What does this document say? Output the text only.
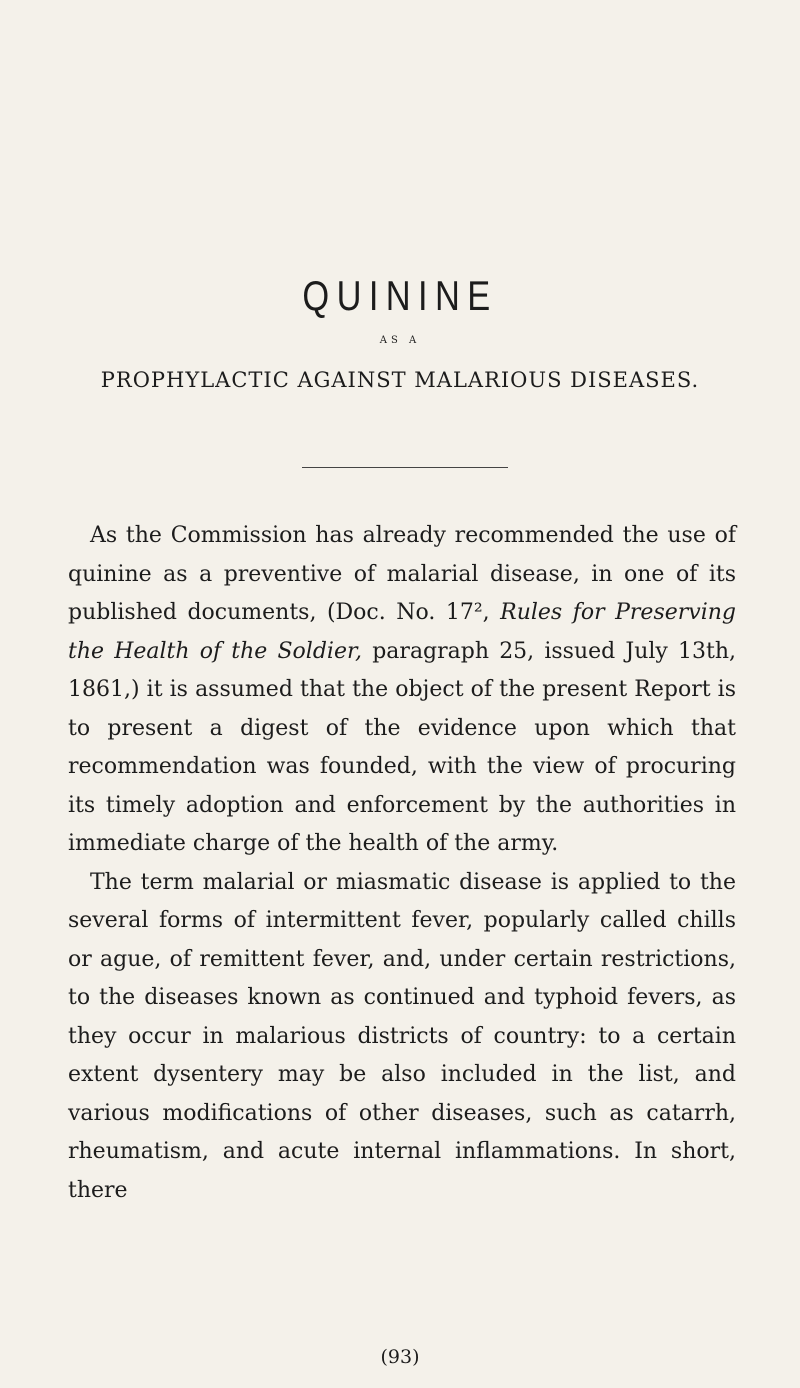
QUININE
AS A
PROPHYLACTIC AGAINST MALARIOUS DISEASES.

As the Commission has already recommended the use of quinine as a preventive of malarial disease, in one of its published documents, (Doc. No. 17², Rules for Preserving the Health of the Soldier, paragraph 25, issued July 13th, 1861,) it is assumed that the object of the present Report is to present a digest of the evidence upon which that recommendation was founded, with the view of procuring its timely adoption and enforcement by the authorities in immediate charge of the health of the army.

The term malarial or miasmatic disease is applied to the several forms of intermittent fever, popularly called chills or ague, of remittent fever, and, under certain restrictions, to the diseases known as continued and typhoid fevers, as they occur in malarious districts of country: to a certain extent dysentery may be also included in the list, and various modifications of other diseases, such as catarrh, rheumatism, and acute internal inflammations. In short, there

(93)
